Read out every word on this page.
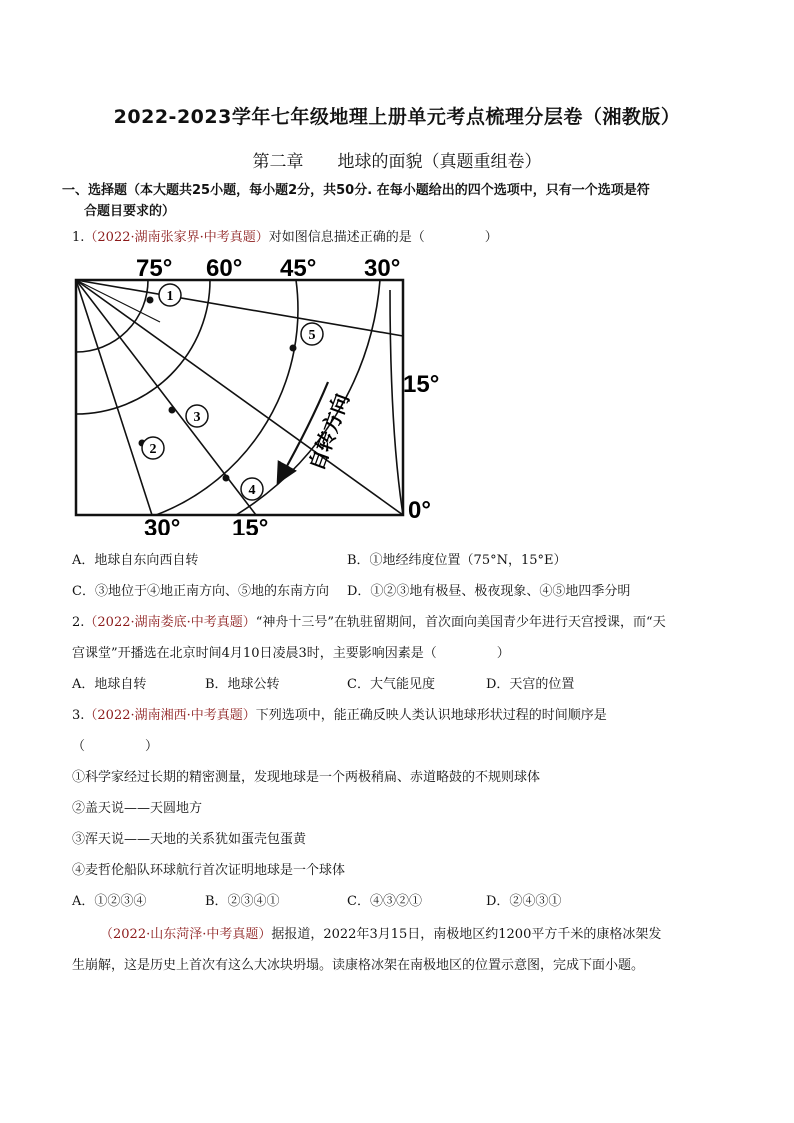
2022-2023学年七年级地理上册单元考点梳理分层卷（湘教版）
第二章 地球的面貌（真题重组卷）
一、选择题（本大题共25小题，每小题2分，共50分. 在每小题给出的四个选项中，只有一个选项是符
合题目要求的）
1.（2022·湖南张家界·中考真题）对如图信息描述正确的是（	）
1
5
3
2
4
75° 60° 45° 30°
15°
30° 15°
0°
自转方向
A．地球自东向西自转	B．①地经纬度位置（75°N，15°E）
C．③地位于④地正南方向、⑤地的东南方向 D．①②③地有极昼、极夜现象、④⑤地四季分明
2.（2022·湖南娄底·中考真题）“神舟十三号”在轨驻留期间，首次面向美国青少年进行天宫授课，而“天
宫课堂”开播选在北京时间4月10日凌晨3时，主要影响因素是（	）
A．地球自转	B．地球公转	C．大气能见度	D．天宫的位置
3.（2022·湖南湘西·中考真题）下列选项中，能正确反映人类认识地球形状过程的时间顺序是
（	）
①科学家经过长期的精密测量，发现地球是一个两极稍扁、赤道略鼓的不规则球体
②盖天说——天圆地方
③浑天说——天地的关系犹如蛋壳包蛋黄
④麦哲伦船队环球航行首次证明地球是一个球体
A．①②③④	B．②③④①	C．④③②①	D．②④③①
（2022·山东菏泽·中考真题）据报道，2022年3月15日，南极地区约1200平方千米的康格冰架发
生崩解，这是历史上首次有这么大冰块坍塌。读康格冰架在南极地区的位置示意图，完成下面小题。
